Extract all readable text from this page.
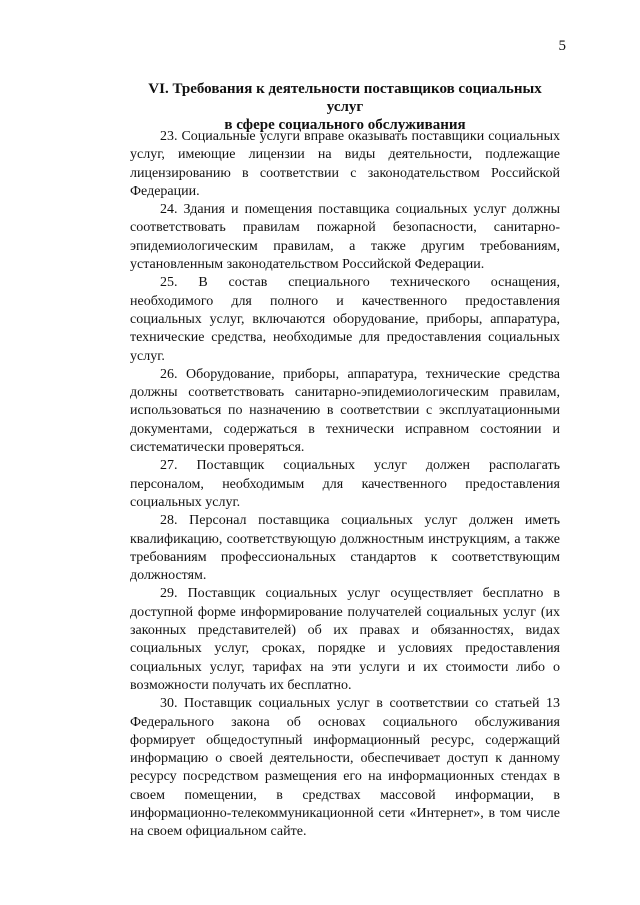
5
VI. Требования к деятельности поставщиков социальных услуг
в сфере социального обслуживания

23. Социальные услуги вправе оказывать поставщики социальных услуг, имеющие лицензии на виды деятельности, подлежащие лицензированию в соответствии с законодательством Российской Федерации.

24. Здания и помещения поставщика социальных услуг должны соответствовать правилам пожарной безопасности, санитарно-эпидемиологическим правилам, а также другим требованиям, установленным законодательством Российской Федерации.

25. В состав специального технического оснащения, необходимого для полного и качественного предоставления социальных услуг, включаются оборудование, приборы, аппаратура, технические средства, необходимые для предоставления социальных услуг.

26. Оборудование, приборы, аппаратура, технические средства должны соответствовать санитарно-эпидемиологическим правилам, использоваться по назначению в соответствии с эксплуатационными документами, содержаться в технически исправном состоянии и систематически проверяться.

27. Поставщик социальных услуг должен располагать персоналом, необходимым для качественного предоставления социальных услуг.

28. Персонал поставщика социальных услуг должен иметь квалификацию, соответствующую должностным инструкциям, а также требованиям профессиональных стандартов к соответствующим должностям.

29. Поставщик социальных услуг осуществляет бесплатно в доступной форме информирование получателей социальных услуг (их законных представителей) об их правах и обязанностях, видах социальных услуг, сроках, порядке и условиях предоставления социальных услуг, тарифах на эти услуги и их стоимости либо о возможности получать их бесплатно.

30. Поставщик социальных услуг в соответствии со статьей 13 Федерального закона об основах социального обслуживания формирует общедоступный информационный ресурс, содержащий информацию о своей деятельности, обеспечивает доступ к данному ресурсу посредством размещения его на информационных стендах в своем помещении, в средствах массовой информации, в информационно-телекоммуникационной сети «Интернет», в том числе на своем официальном сайте.
